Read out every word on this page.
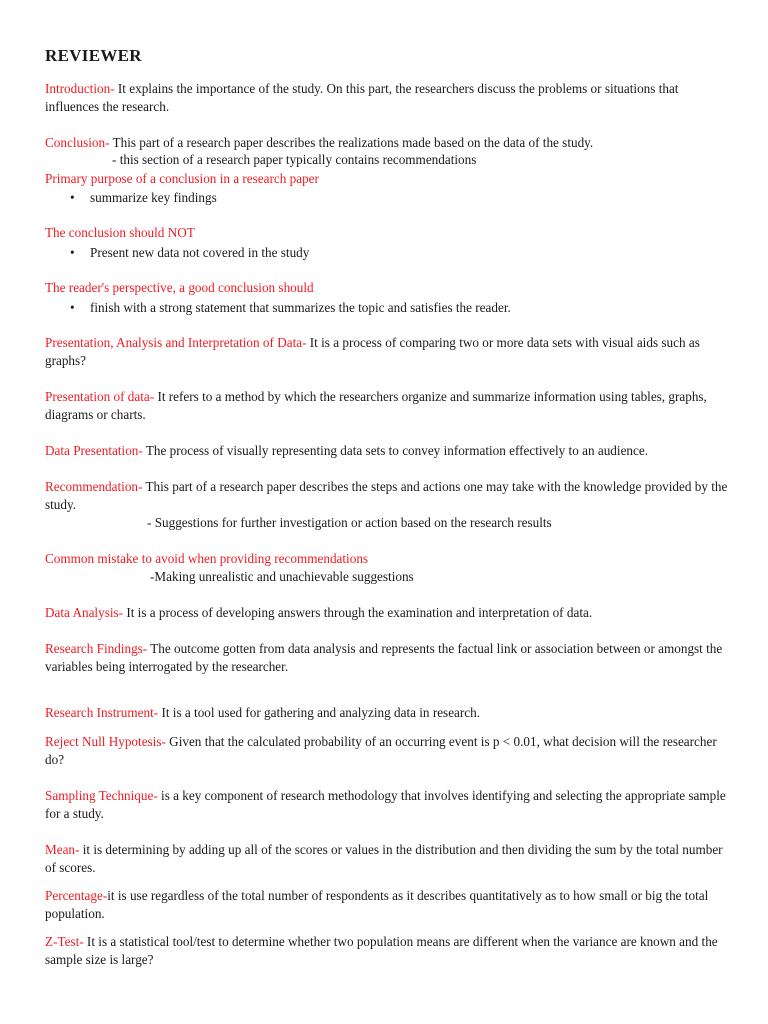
REVIEWER

Introduction- It explains the importance of the study. On this part, the researchers discuss the problems or situations that influences the research.

Conclusion- This part of a research paper describes the realizations made based on the data of the study.

- this section of a research paper typically contains recommendations

Primary purpose of a conclusion in a research paper

• summarize key findings

The conclusion should NOT

• Present new data not covered in the study

The reader's perspective, a good conclusion should

• finish with a strong statement that summarizes the topic and satisfies the reader.

Presentation, Analysis and Interpretation of Data- It is a process of comparing two or more data sets with visual aids such as graphs?

Presentation of data- It refers to a method by which the researchers organize and summarize information using tables, graphs, diagrams or charts.

Data Presentation- The process of visually representing data sets to convey information effectively to an audience.

Recommendation- This part of a research paper describes the steps and actions one may take with the knowledge provided by the study.

- Suggestions for further investigation or action based on the research results

Common mistake to avoid when providing recommendations

-Making unrealistic and unachievable suggestions

Data Analysis- It is a process of developing answers through the examination and interpretation of data.

Research Findings- The outcome gotten from data analysis and represents the factual link or association between or amongst the variables being interrogated by the researcher.

Research Instrument- It is a tool used for gathering and analyzing data in research.

Reject Null Hypotesis- Given that the calculated probability of an occurring event is p < 0.01, what decision will the researcher do?

Sampling Technique- is a key component of research methodology that involves identifying and selecting the appropriate sample for a study.

Mean- it is determining by adding up all of the scores or values in the distribution and then dividing the sum by the total number of scores.

Percentage-it is use regardless of the total number of respondents as it describes quantitatively as to how small or big the total population.

Z-Test- It is a statistical tool/test to determine whether two population means are different when the variance are known and the sample size is large?
